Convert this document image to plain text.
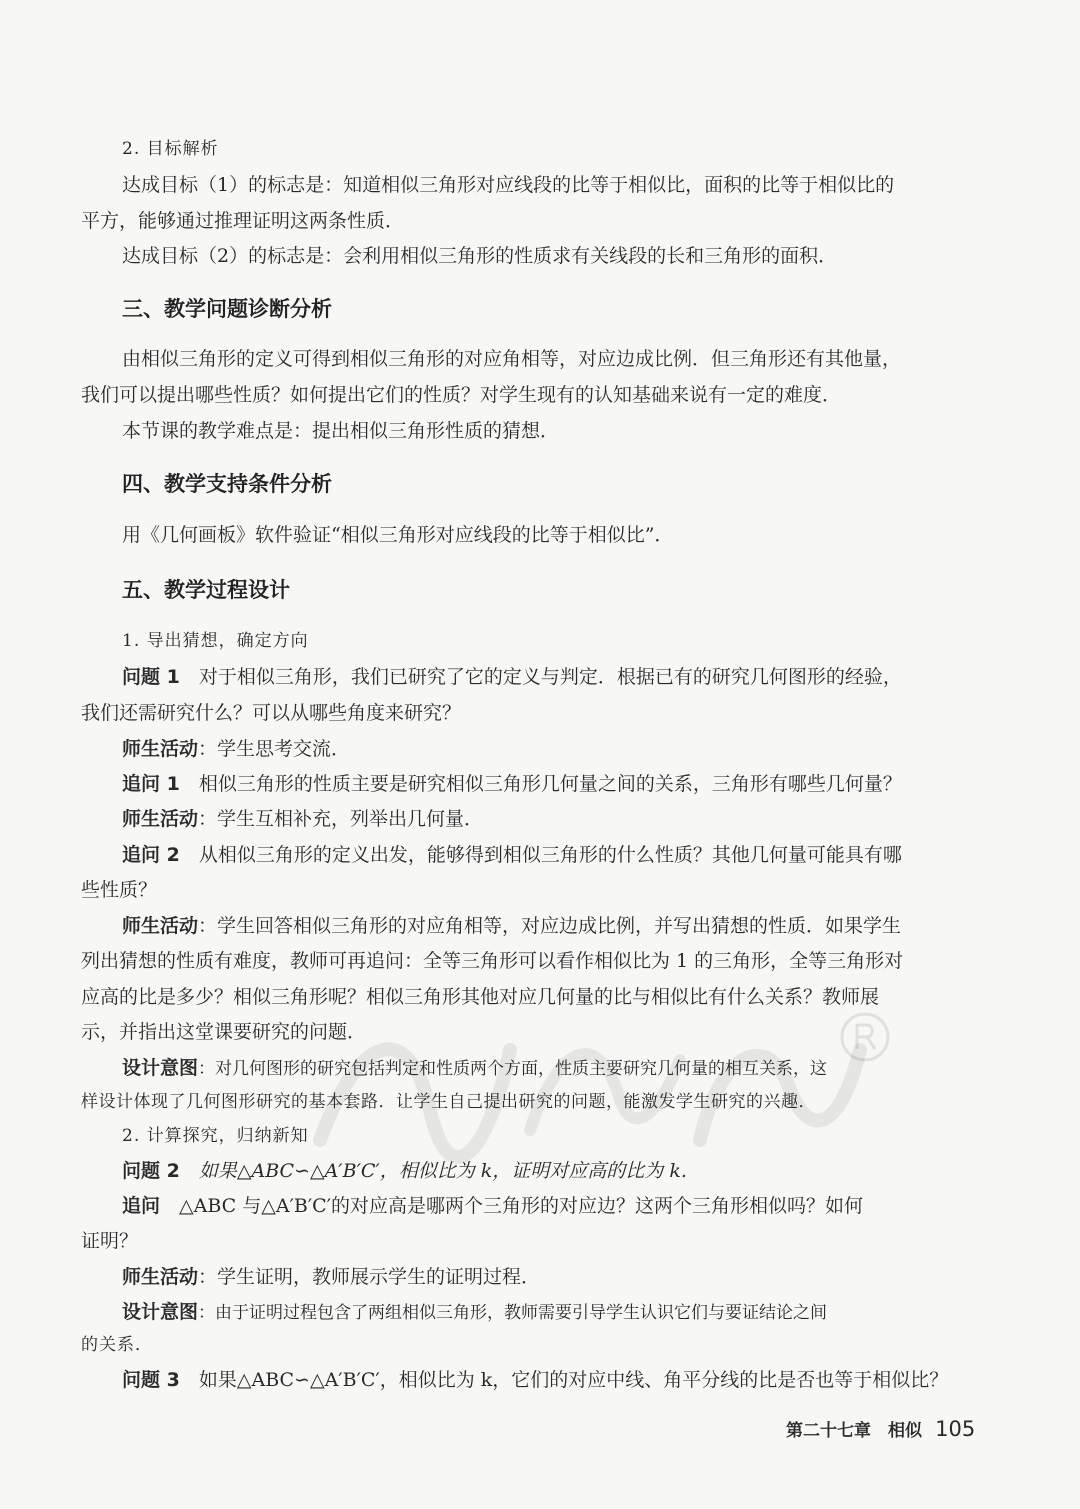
2. 目标解析
达成目标（1）的标志是：知道相似三角形对应线段的比等于相似比，面积的比等于相似比的
平方，能够通过推理证明这两条性质．
达成目标（2）的标志是：会利用相似三角形的性质求有关线段的长和三角形的面积．
三、教学问题诊断分析
由相似三角形的定义可得到相似三角形的对应角相等，对应边成比例．但三角形还有其他量，
我们可以提出哪些性质？如何提出它们的性质？对学生现有的认知基础来说有一定的难度．
本节课的教学难点是：提出相似三角形性质的猜想．
四、教学支持条件分析
用《几何画板》软件验证“相似三角形对应线段的比等于相似比”．
五、教学过程设计
1. 导出猜想，确定方向
问题 1　 对于相似三角形，我们已研究了它的定义与判定．根据已有的研究几何图形的经验，
我们还需研究什么？可以从哪些角度来研究？
师生活动：学生思考交流．
追问 1　 相似三角形的性质主要是研究相似三角形几何量之间的关系，三角形有哪些几何量？
师生活动：学生互相补充，列举出几何量．
追问 2　 从相似三角形的定义出发，能够得到相似三角形的什么性质？其他几何量可能具有哪
些性质？
师生活动：学生回答相似三角形的对应角相等，对应边成比例，并写出猜想的性质．如果学生
列出猜想的性质有难度，教师可再追问：全等三角形可以看作相似比为 1 的三角形，全等三角形对
应高的比是多少？相似三角形呢？相似三角形其他对应几何量的比与相似比有什么关系？教师展
示，并指出这堂课要研究的问题．
设计意图：对几何图形的研究包括判定和性质两个方面，性质主要研究几何量的相互关系，这
样设计体现了几何图形研究的基本套路．让学生自己提出研究的问题，能激发学生研究的兴趣．
2. 计算探究，归纳新知
问题 2　 如果△ABC∽△A′B′C′，相似比为 k，证明对应高的比为 k.
追问　 △ABC 与△A′B′C′的对应高是哪两个三角形的对应边？这两个三角形相似吗？如何
证明？
师生活动：学生证明，教师展示学生的证明过程．
设计意图：由于证明过程包含了两组相似三角形，教师需要引导学生认识它们与要证结论之间
的关系．
问题 3　 如果△ABC∽△A′B′C′，相似比为 k，它们的对应中线、角平分线的比是否也等于相似比？
第二十七章　相似 105
